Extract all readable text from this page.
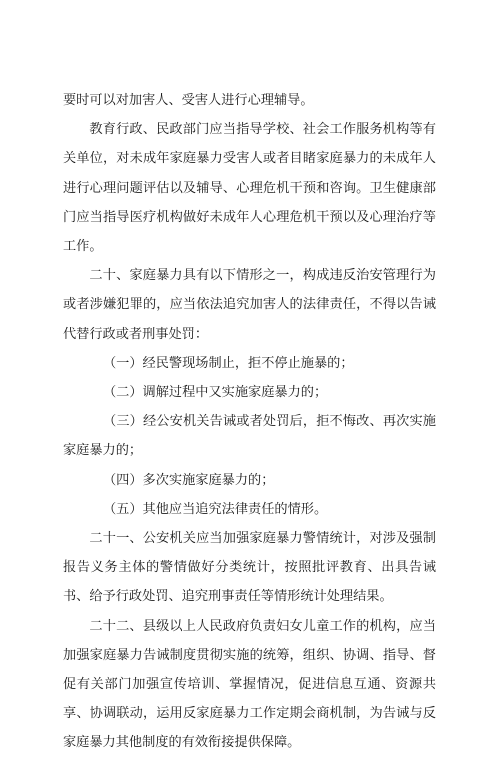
要时可以对加害人、受害人进行心理辅导。

教育行政、民政部门应当指导学校、社会工作服务机构等有关单位，对未成年家庭暴力受害人或者目睹家庭暴力的未成年人进行心理问题评估以及辅导、心理危机干预和咨询。卫生健康部门应当指导医疗机构做好未成年人心理危机干预以及心理治疗等工作。

二十、家庭暴力具有以下情形之一，构成违反治安管理行为或者涉嫌犯罪的，应当依法追究加害人的法律责任，不得以告诫代替行政或者刑事处罚：

（一）经民警现场制止，拒不停止施暴的；

（二）调解过程中又实施家庭暴力的；

（三）经公安机关告诫或者处罚后，拒不悔改、再次实施家庭暴力的；

（四）多次实施家庭暴力的；

（五）其他应当追究法律责任的情形。

二十一、公安机关应当加强家庭暴力警情统计，对涉及强制报告义务主体的警情做好分类统计，按照批评教育、出具告诫书、给予行政处罚、追究刑事责任等情形统计处理结果。

二十二、县级以上人民政府负责妇女儿童工作的机构，应当加强家庭暴力告诫制度贯彻实施的统筹，组织、协调、指导、督促有关部门加强宣传培训、掌握情况，促进信息互通、资源共享、协调联动，运用反家庭暴力工作定期会商机制，为告诫与反家庭暴力其他制度的有效衔接提供保障。
